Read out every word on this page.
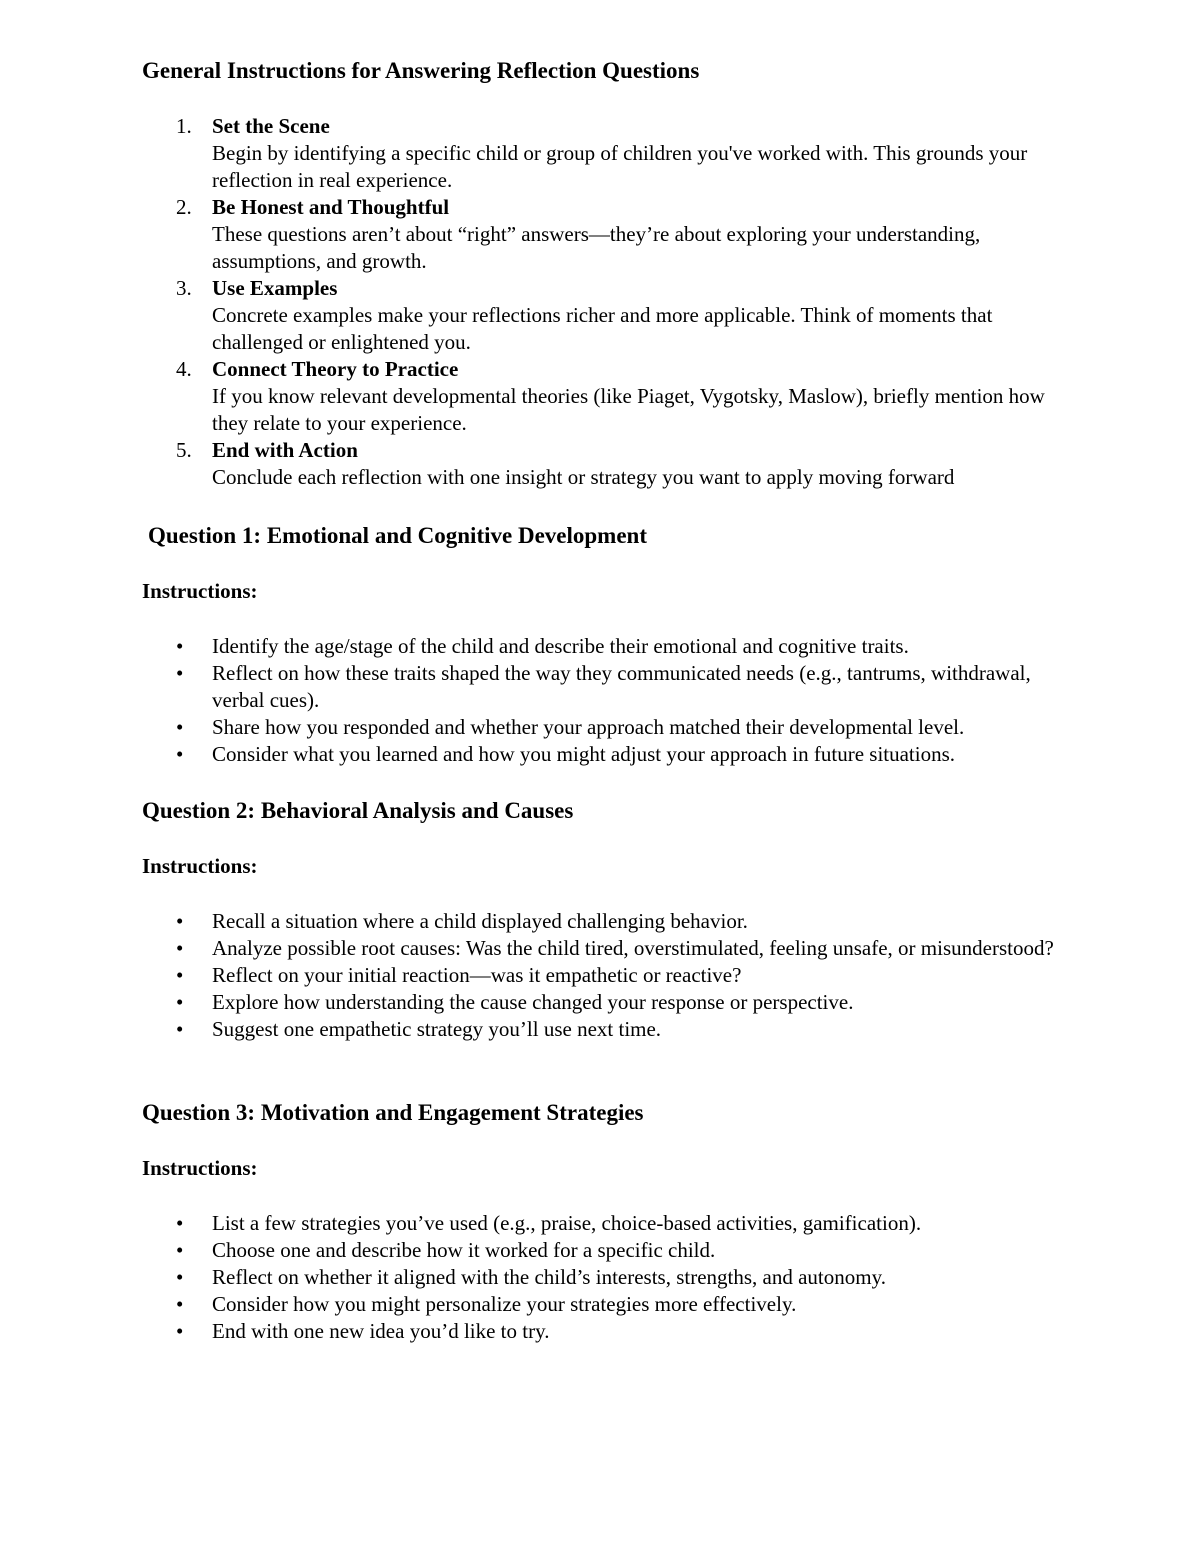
General Instructions for Answering Reflection Questions
1. Set the Scene
Begin by identifying a specific child or group of children you've worked with. This grounds your reflection in real experience.
2. Be Honest and Thoughtful
These questions aren’t about “right” answers—they’re about exploring your understanding, assumptions, and growth.
3. Use Examples
Concrete examples make your reflections richer and more applicable. Think of moments that challenged or enlightened you.
4. Connect Theory to Practice
If you know relevant developmental theories (like Piaget, Vygotsky, Maslow), briefly mention how they relate to your experience.
5. End with Action
Conclude each reflection with one insight or strategy you want to apply moving forward
Question 1: Emotional and Cognitive Development
Instructions:
• Identify the age/stage of the child and describe their emotional and cognitive traits.
• Reflect on how these traits shaped the way they communicated needs (e.g., tantrums, withdrawal, verbal cues).
• Share how you responded and whether your approach matched their developmental level.
• Consider what you learned and how you might adjust your approach in future situations.
Question 2: Behavioral Analysis and Causes
Instructions:
• Recall a situation where a child displayed challenging behavior.
• Analyze possible root causes: Was the child tired, overstimulated, feeling unsafe, or misunderstood?
• Reflect on your initial reaction—was it empathetic or reactive?
• Explore how understanding the cause changed your response or perspective.
• Suggest one empathetic strategy you’ll use next time.
Question 3: Motivation and Engagement Strategies
Instructions:
• List a few strategies you’ve used (e.g., praise, choice-based activities, gamification).
• Choose one and describe how it worked for a specific child.
• Reflect on whether it aligned with the child’s interests, strengths, and autonomy.
• Consider how you might personalize your strategies more effectively.
• End with one new idea you’d like to try.
